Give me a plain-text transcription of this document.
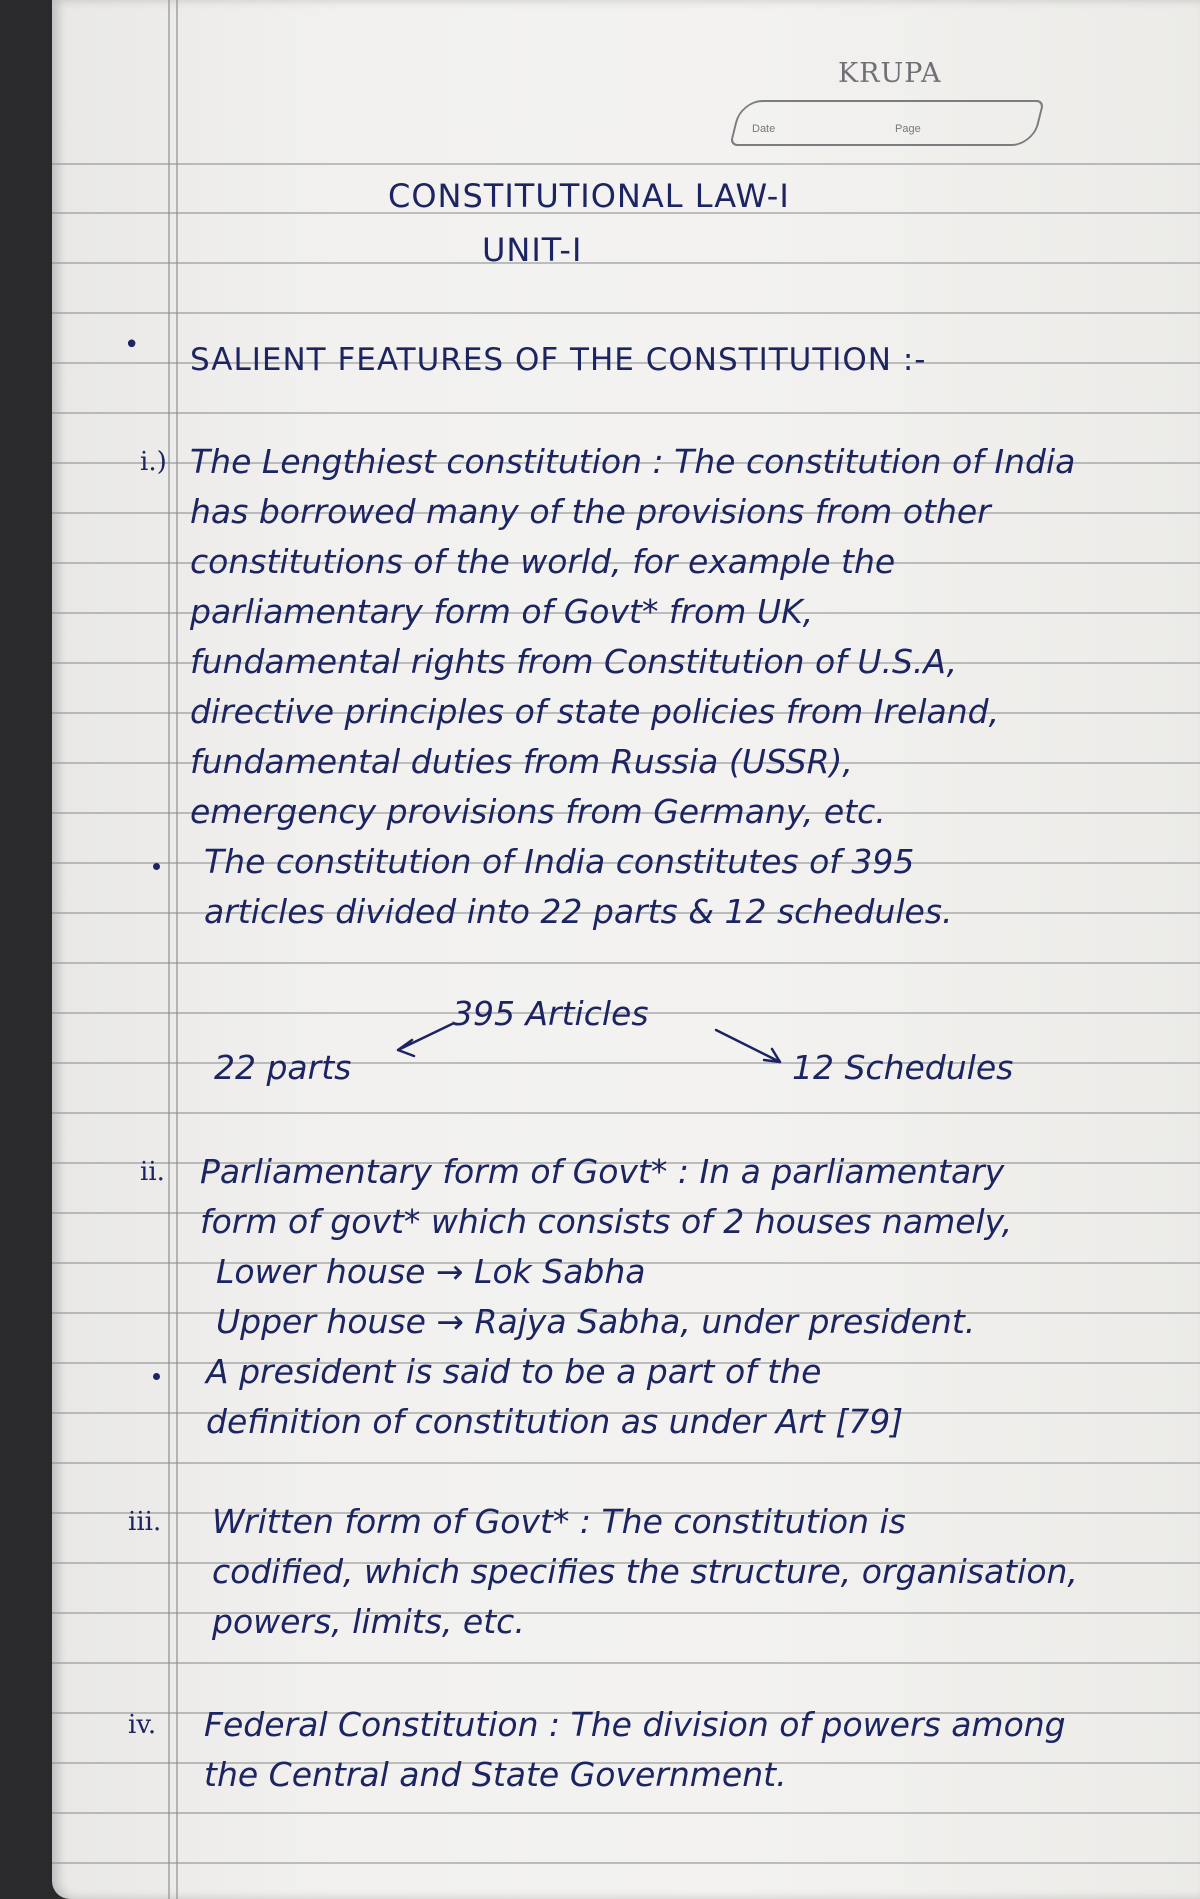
KRUPA
Date	Page
CONSTITUTIONAL LAW-I
UNIT-I
• SALIENT FEATURES OF THE CONSTITUTION :-
i.) The Lengthiest constitution : The constitution of India
has borrowed many of the provisions from other
constitutions of the world, for example the
parliamentary form of Govt* from UK,
fundamental rights from Constitution of U.S.A,
directive principles of state policies from Ireland,
fundamental duties from Russia (USSR),
emergency provisions from Germany, etc.
The constitution of India constitutes of 395
articles divided into 22 parts & 12 schedules.
395 Articles
22 parts	12 Schedules
ii. Parliamentary form of Govt* : In a parliamentary
form of govt* which consists of 2 houses namely,
Lower house → Lok Sabha
Upper house → Rajya Sabha, under president.
A president is said to be a part of the
definition of constitution as under Art [79]
iii. Written form of Govt* : The constitution is
codified, which specifies the structure, organisation,
powers, limits, etc.
iv. Federal Constitution : The division of powers among
the Central and State Government.
